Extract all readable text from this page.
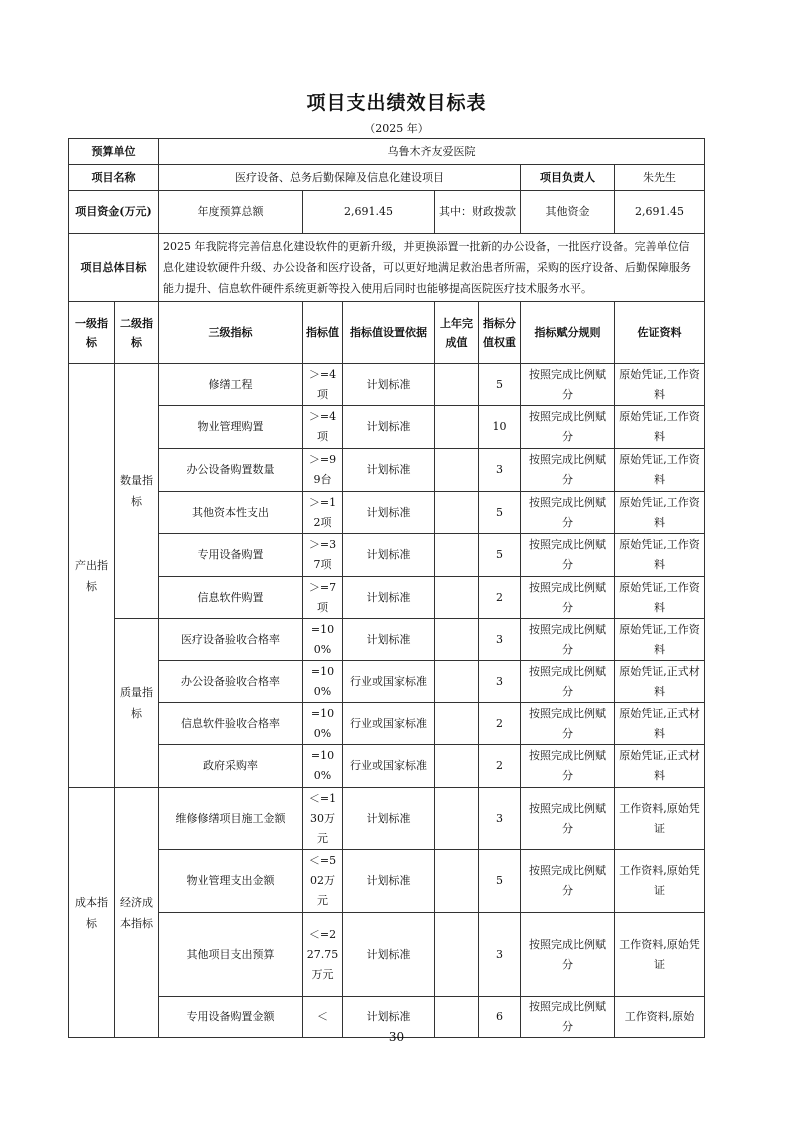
项目支出绩效目标表
（2025 年）
预算单位		乌鲁木齐友爱医院						
项目名称		医疗设备、总务后勤保障及信息化建设项目					项目负责人	朱先生
项目资金(万元)		年度预算总额	2,691.45		其中：财政拨款		其他资金	2,691.45
项目总体目标		2025 年我院将完善信息化建设软件的更新升级，并更换添置一批新的办公设备，一批医疗设备。完善单位信息化建设软硬件升级、办公设备和医疗设备，可以更好地满足救治患者所需，采购的医疗设备、后勤保障服务能力提升、信息软件硬件系统更新等投入使用后同时也能够提高医院医疗技术服务水平。						
一级指标	二级指标	三级指标	指标值	指标值设置依据	上年完成值	指标分值权重	指标赋分规则	佐证资料
产出指标	数量指标	修缮工程	＞=4项	计划标准		5	按照完成比例赋分	原始凭证,工作资料
		物业管理购置	＞=4项	计划标准		10	按照完成比例赋分	原始凭证,工作资料
		办公设备购置数量	＞=99台	计划标准		3	按照完成比例赋分	原始凭证,工作资料
		其他资本性支出	＞=12项	计划标准		5	按照完成比例赋分	原始凭证,工作资料
		专用设备购置	＞=37项	计划标准		5	按照完成比例赋分	原始凭证,工作资料
		信息软件购置	＞=7项	计划标准		2	按照完成比例赋分	原始凭证,工作资料
	质量指标	医疗设备验收合格率	=100%	计划标准		3	按照完成比例赋分	原始凭证,工作资料
		办公设备验收合格率	=100%	行业或国家标准		3	按照完成比例赋分	原始凭证,正式材料
		信息软件验收合格率	=100%	行业或国家标准		2	按照完成比例赋分	原始凭证,正式材料
		政府采购率	=100%	行业或国家标准		2	按照完成比例赋分	原始凭证,正式材料
成本指标	经济成本指标	维修修缮项目施工金额	＜=130万元	计划标准		3	按照完成比例赋分	工作资料,原始凭证
		物业管理支出金额	＜=502万元	计划标准		5	按照完成比例赋分	工作资料,原始凭证
		其他项目支出预算	＜=227.75万元	计划标准		3	按照完成比例赋分	工作资料,原始凭证
		专用设备购置金额	＜	计划标准		6	按照完成比例赋分	工作资料,原始
30
